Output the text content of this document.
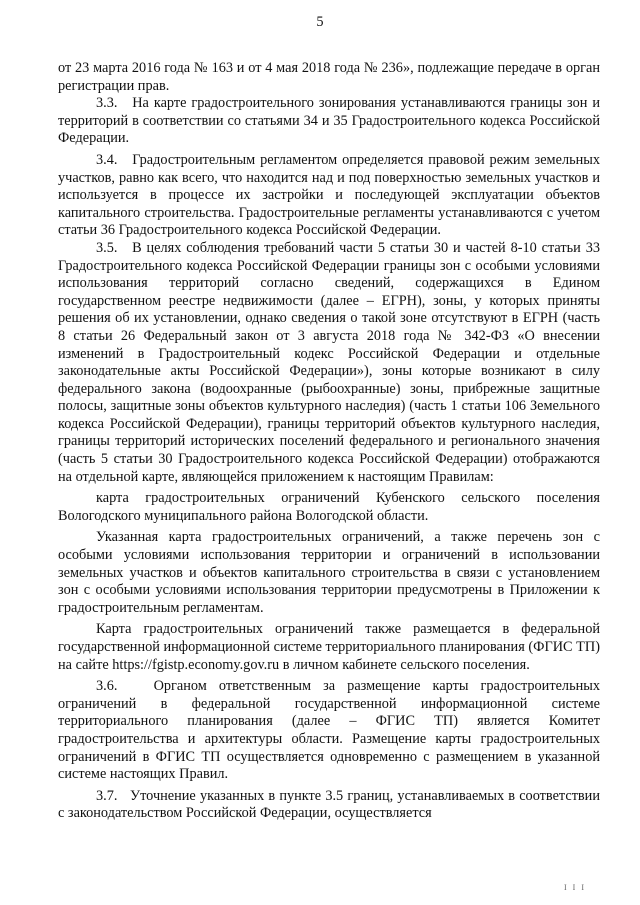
5

от 23 марта 2016 года № 163 и от 4 мая 2018 года № 236», подлежащие передаче в орган регистрации прав.

3.3.   На карте градостроительного зонирования устанавливаются границы зон и территорий в соответствии со статьями 34 и 35 Градостроительного кодекса Российской Федерации.

3.4.   Градостроительным регламентом определяется правовой режим земельных участков, равно как всего, что находится над и под поверхностью земельных участков и используется в процессе их застройки и последующей эксплуатации объектов капитального строительства. Градостроительные регламенты устанавливаются с учетом статьи 36 Градостроительного кодекса Российской Федерации.

3.5.   В целях соблюдения требований части 5 статьи 30 и частей 8-10 статьи 33 Градостроительного кодекса Российской Федерации границы зон с особыми условиями использования территорий согласно сведений, содержащихся в Едином государственном реестре недвижимости (далее – ЕГРН), зоны, у которых приняты решения об их установлении, однако сведения о такой зоне отсутствуют в ЕГРН (часть 8 статьи 26 Федеральный закон от 3 августа 2018 года № 342-ФЗ «О внесении изменений в Градостроительный кодекс Российской Федерации и отдельные законодательные акты Российской Федерации»), зоны которые возникают в силу федерального закона (водоохранные (рыбоохранные) зоны, прибрежные защитные полосы, защитные зоны объектов культурного наследия) (часть 1 статьи 106 Земельного кодекса Российской Федерации), границы территорий объектов культурного наследия, границы территорий исторических поселений федерального и регионального значения (часть 5 статьи 30 Градостроительного кодекса Российской Федерации) отображаются на отдельной карте, являющейся приложением к настоящим Правилам:

карта градостроительных ограничений Кубенского сельского поселения Вологодского муниципального района Вологодской области.

Указанная карта градостроительных ограничений, а также перечень зон с особыми условиями использования территории и ограничений в использовании земельных участков и объектов капитального строительства в связи с установлением зон с особыми условиями использования территории предусмотрены в Приложении к градостроительным регламентам.

Карта градостроительных ограничений также размещается в федеральной государственной информационной системе территориального планирования (ФГИС ТП) на сайте https://fgistp.economy.gov.ru в личном кабинете сельского поселения.

3.6.   Органом ответственным за размещение карты градостроительных ограничений в федеральной государственной информационной системе территориального планирования (далее – ФГИС ТП) является Комитет градостроительства и архитектуры области. Размещение карты градостроительных ограничений в ФГИС ТП осуществляется одновременно с размещением в указанной системе настоящих Правил.

3.7.   Уточнение указанных в пункте 3.5 границ, устанавливаемых в соответствии с законодательством Российской Федерации, осуществляется

I I I
